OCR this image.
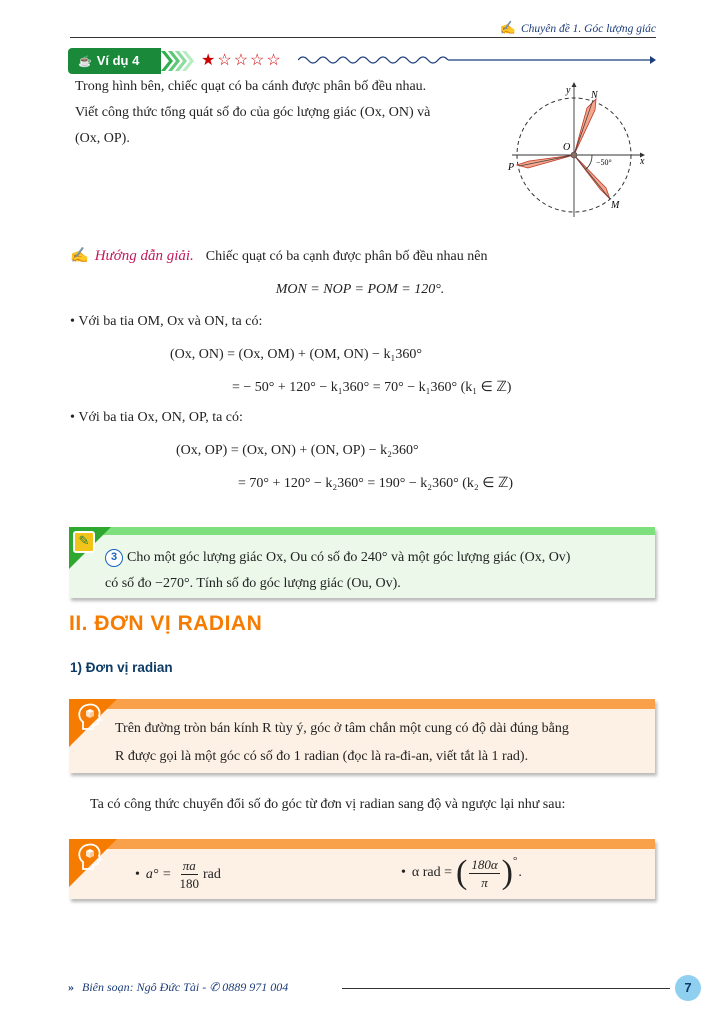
✍ Chuyên đề 1. Góc lượng giác
☕ Ví dụ 4	★☆☆☆☆
Trong hình bên, chiếc quạt có ba cánh được phân bố đều nhau.
Viết công thức tổng quát số đo của góc lượng giác (Ox, ON) và
(Ox, OP).
O
y
x
N
P
M
−50°
✍ Hướng dẫn giải. Chiếc quạt có ba cạnh được phân bố đều nhau nên
MON = NOP = POM = 120°.
• Với ba tia OM, Ox và ON, ta có:
(Ox, ON) = (Ox, OM) + (OM, ON) − k₁360°
= − 50° + 120° − k₁360° = 70° − k₁360° (k₁ ∈ ℤ)
• Với ba tia Ox, ON, OP, ta có:
(Ox, OP) = (Ox, ON) + (ON, OP) − k₂360°
= 70° + 120° − k₂360° = 190° − k₂360° (k₂ ∈ ℤ)
✎
3 Cho một góc lượng giác Ox, Ou có số đo 240° và một góc lượng giác (Ox, Ov)
có số đo −270°. Tính số đo góc lượng giác (Ou, Ov).
II. ĐƠN VỊ RADIAN
1) Đơn vị radian
Trên đường tròn bán kính R tùy ý, góc ở tâm chắn một cung có độ dài đúng bằng
R được gọi là một góc có số đo 1 radian (đọc là ra-đi-an, viết tắt là 1 rad).
Ta có công thức chuyển đổi số đo góc từ đơn vị radian sang độ và ngược lại như sau:
• $a^\circ = \frac{\pi a}{180}$ rad	• α rad = ( $\frac{180\alpha}{\pi}$ ) °
.
» Biên soạn: Ngô Đức Tài - ✆ 0889 971 004	7
